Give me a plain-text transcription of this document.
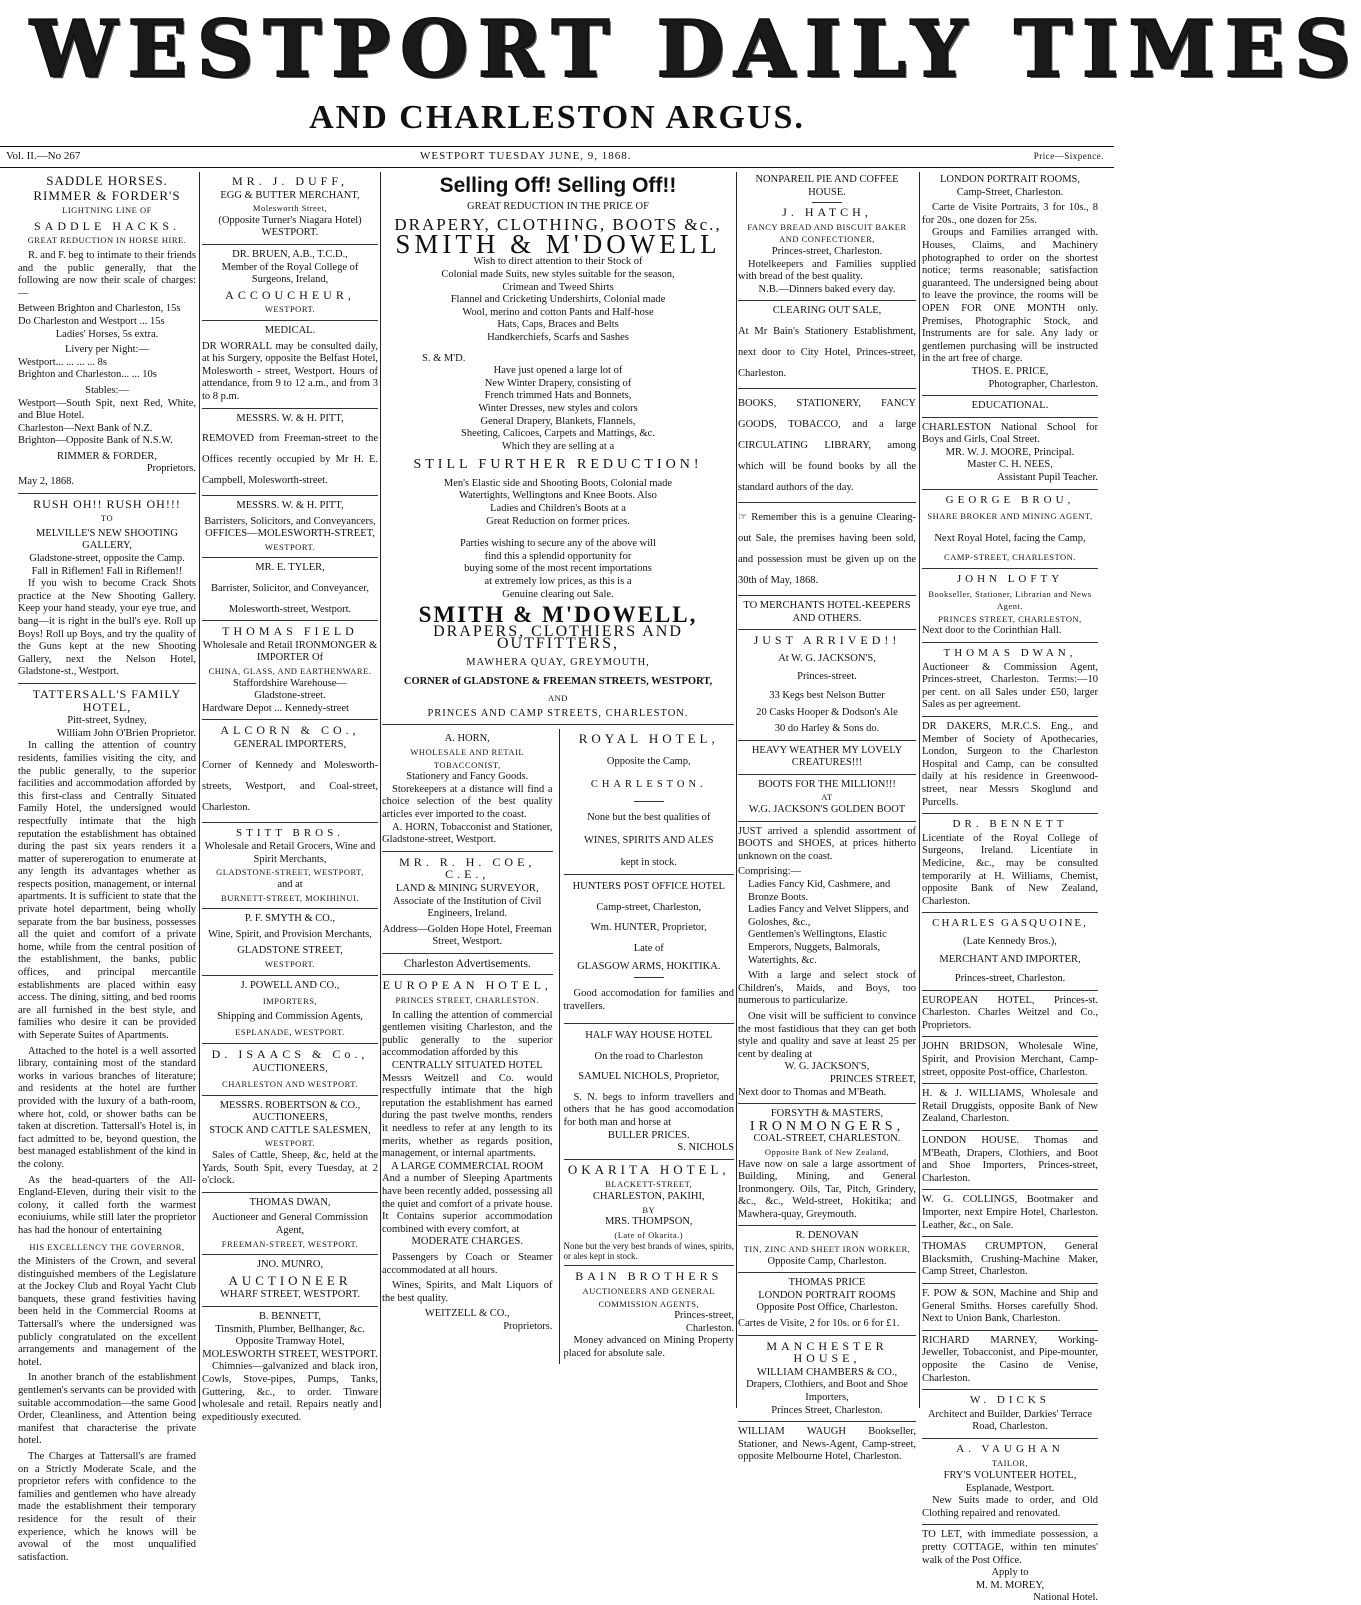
WESTPORT DAILY TIMES
AND CHARLESTON ARGUS.
Vol. II.—No 267	WESTPORT TUESDAY JUNE, 9, 1868.	Price—Sixpence.
SADDLE HORSES.
RIMMER & FORDER'S
LIGHTNING LINE OF
SADDLE HACKS.
GREAT REDUCTION IN HORSE HIRE.

R. and F. beg to intimate to their friends and the public generally, that the following are now their scale of charges:—

Between Brighton and Charleston, 15s

Do Charleston and Westport ... 15s

Ladies' Horses, 5s extra.

Livery per Night:—

Westport... ... ... ... 8s

Brighton and Charleston... ... 10s

Stables:—

Westport—South Spit, next Red, White, and Blue Hotel.

Charleston—Next Bank of N.Z.

Brighton—Opposite Bank of N.S.W.

RIMMER & FORDER,

Proprietors.

May 2, 1868.

RUSH OH!! RUSH OH!!!
TO
MELVILLE'S NEW SHOOTING GALLERY,

Gladstone-street, opposite the Camp.

Fall in Riflemen! Fall in Riflemen!!

If you wish to become Crack Shots practice at the New Shooting Gallery. Keep your hand steady, your eye true, and bang—it is right in the bull's eye. Roll up Boys! Roll up Boys, and try the quality of the Guns kept at the new Shooting Gallery, next the Nelson Hotel, Gladstone-st., Westport.

TATTERSALL'S FAMILY HOTEL,

Pitt-street, Sydney,

William John O'Brien Proprietor.

In calling the attention of country residents, families visiting the city, and the public generally, to the superior facilities and accommodation afforded by this first-class and Centrally Situated Family Hotel, the undersigned would respectfully intimate that the high reputation the establishment has obtained during the past six years renders it a matter of supererogation to enumerate at any length its advantages whether as respects position, management, or internal apartments. It is sufficient to state that the private hotel department, being wholly separate from the bar business, possesses all the quiet and comfort of a private home, while from the central position of the establishment, the banks, public offices, and principal mercantile establishments are placed within easy access. The dining, sitting, and bed rooms are all furnished in the best style, and families who desire it can be provided with Seperate Suites of Apartments.

Attached to the hotel is a well assorted library, containing most of the standard works in various branches of literature; and residents at the hotel are further provided with the luxury of a bath-room, where hot, cold, or shower baths can be taken at discretion. Tattersall's Hotel is, in fact admitted to be, beyond question, the best managed establishment of the kind in the colony.

As the head-quarters of the All-England-Eleven, during their visit to the colony, it called forth the warmest econiuiums, while still later the proprietor has had the honour of entertaining

HIS EXCELLENCY THE GOVERNOR,

the Ministers of the Crown, and several distinguished members of the Legislature at the Jockey Club and Royal Yacht Club banquets, these grand festivities having been held in the Commercial Rooms at Tattersall's where the undersigned was publicly congratulated on the excellent arrangements and management of the hotel.

In another branch of the establishment gentlemen's servants can be provided with suitable accommodation—the same Good Order, Cleanliness, and Attention being manifest that characterise the private hotel.

The Charges at Tattersall's are framed on a Strictly Moderate Scale, and the proprietor refers with confidence to the families and gentlemen who have already made the establishment their temporary residence for the result of their experience, which he knows will be avowal of the most unqualified satisfaction.

MR. J. DUFF,

EGG & BUTTER MERCHANT,

Molesworth Street,

(Opposite Turner's Niagara Hotel)

WESTPORT.

DR. BRUEN, A.B., T.C.D.,

Member of the Royal College of Surgeons, Ireland,

ACCOUCHEUR,
WESTPORT.

MEDICAL.

DR WORRALL may be consulted daily, at his Surgery, opposite the Belfast Hotel, Molesworth - street, Westport. Hours of attendance, from 9 to 12 a.m., and from 3 to 8 p.m.

MESSRS. W. & H. PITT,

REMOVED from Freeman-street to the Offices recently occupied by Mr H. E. Campbell, Molesworth-street.

MESSRS. W. & H. PITT,

Barristers, Solicitors, and Conveyancers,

OFFICES—MOLESWORTH-STREET,

WESTPORT.

MR. E. TYLER,

Barrister, Solicitor, and Conveyancer,

Molesworth-street, Westport.

THOMAS FIELD

Wholesale and Retail IRONMONGER & IMPORTER Of

CHINA, GLASS, AND EARTHENWARE.

Staffordshire Warehouse—

Gladstone-street.

Hardware Depot ... Kennedy-street

ALCORN & CO.,

GENERAL IMPORTERS,

Corner of Kennedy and Molesworth-streets, Westport, and Coal-street, Charleston.

STITT BROS.

Wholesale and Retail Grocers, Wine and Spirit Merchants,

GLADSTONE-STREET, WESTPORT,

and at

BURNETT-STREET, MOKIHINUI.

P. F. SMYTH & CO.,

Wine, Spirit, and Provision Merchants,

GLADSTONE STREET,

WESTPORT.

J. POWELL AND CO.,

IMPORTERS,

Shipping and Commission Agents,

ESPLANADE, WESTPORT.
D. ISAACS & Co.,

AUCTIONEERS,

CHARLESTON AND WESTPORT.

MESSRS. ROBERTSON & CO., AUCTIONEERS,

STOCK AND CATTLE SALESMEN,

WESTPORT.

Sales of Cattle, Sheep, &c, held at the Yards, South Spit, every Tuesday, at 2 o'clock.

THOMAS DWAN,

Auctioneer and General Commission Agent,

FREEMAN-STREET, WESTPORT.

JNO. MUNRO,

AUCTIONEER

WHARF STREET, WESTPORT.

B. BENNETT,

Tinsmith, Plumber, Bellhanger, &c.

Opposite Tramway Hotel,

MOLESWORTH STREET, WESTPORT.

Chimnies—galvanized and black iron, Cowls, Stove-pipes, Pumps, Tanks, Guttering, &c., to order. Tinware wholesale and retail. Repairs neatly and expeditiously executed.

Selling Off! Selling Off!!

GREAT REDUCTION IN THE PRICE OF

DRAPERY, CLOTHING, BOOTS &c.,
SMITH & M'DOWELL

Wish to direct attention to their Stock of

Colonial made Suits, new styles suitable for the season,

Crimean and Tweed Shirts

Flannel and Cricketing Undershirts, Colonial made

Wool, merino and cotton Pants and Half-hose

Hats, Caps, Braces and Belts

Handkerchiefs, Scarfs and Sashes

S. & M'D.

Have just opened a large lot of

New Winter Drapery, consisting of

French trimmed Hats and Bonnets,

Winter Dresses, new styles and colors

General Drapery, Blankets, Flannels,

Sheeting, Calicoes, Carpets and Mattings, &c.

Which they are selling at a

STILL FURTHER REDUCTION!

Men's Elastic side and Shooting Boots, Colonial made

Watertights, Wellingtons and Knee Boots. Also

Ladies and Children's Boots at a

Great Reduction on former prices.

Parties wishing to secure any of the above will

find this a splendid opportunity for

buying some of the most recent importations

at extremely low prices, as this is a

Genuine clearing out Sale.

SMITH & M'DOWELL,
DRAPERS, CLOTHIERS AND OUTFITTERS,

MAWHERA QUAY, GREYMOUTH,

CORNER of GLADSTONE & FREEMAN STREETS, WESTPORT,

AND

PRINCES AND CAMP STREETS, CHARLESTON.

A. HORN,

WHOLESALE AND RETAIL TOBACCONIST,

Stationery and Fancy Goods.

Storekeepers at a distance will find a choice selection of the best quality articles ever imported to the coast.

A. HORN, Tobacconist and Stationer, Gladstone-street, Westport.

MR. R. H. COE, C.E.,

LAND & MINING SURVEYOR,

Associate of the Institution of Civil Engineers, Ireland.

Address—Golden Hope Hotel, Freeman Street, Westport.

Charleston Advertisements.

EUROPEAN HOTEL,
PRINCES STREET, CHARLESTON.

In calling the attention of commercial gentlemen visiting Charleston, and the public generally to the superior accommodation afforded by this

CENTRALLY SITUATED HOTEL

Messrs Weitzell and Co. would respectfully intimate that the high reputation the establishment has earned during the past twelve months, renders it needless to refer at any length to its merits, whether as regards position, management, or internal apartments.

A LARGE COMMERCIAL ROOM

And a number of Sleeping Apartments have been recently added, possessing all the quiet and comfort of a private house. It Contains superior accommodation combined with every comfort, at

MODERATE CHARGES.

Passengers by Coach or Steamer accommodated at all hours.

Wines, Spirits, and Malt Liquors of the best quality.

WEITZELL & CO.,

Proprietors.

ROYAL HOTEL,

Opposite the Camp,

CHARLESTON.

None but the best qualities of

WINES, SPIRITS AND ALES

kept in stock.

HUNTERS POST OFFICE HOTEL

Camp-street, Charleston,

Wm. HUNTER, Proprietor,

Late of

GLASGOW ARMS, HOKITIKA.

Good accomodation for families and travellers.

HALF WAY HOUSE HOTEL

On the road to Charleston

SAMUEL NICHOLS, Proprietor,

S. N. begs to inform travellers and others that he has good accomodation for both man and horse at

BULLER PRICES.

S. NICHOLS

OKARITA HOTEL,
BLACKETT-STREET,

CHARLESTON, PAKIHI,

BY

MRS. THOMPSON,

(Late of Okarita.)

None but the very best brands of wines, spirits, or ales kept in stock.

BAIN BROTHERS
AUCTIONEERS AND GENERAL COMMISSION AGENTS,

Princes-street,

Charleston.

Money advanced on Mining Property placed for absolute sale.

NONPAREIL PIE AND COFFEE HOUSE.

J. HATCH,
FANCY BREAD AND BISCUIT BAKER AND CONFECTIONER,

Princes-street, Charleston.

Hotelkeepers and Families supplied with bread of the best quality.

N.B.—Dinners baked every day.

CLEARING OUT SALE,

At Mr Bain's Stationery Establishment, next door to City Hotel, Princes-street, Charleston.

BOOKS, STATIONERY, FANCY GOODS, TOBACCO, and a large CIRCULATING LIBRARY, among which will be found books by all the standard authors of the day.

☞ Remember this is a genuine Clearing-out Sale, the premises having been sold, and possession must be given up on the 30th of May, 1868.

TO MERCHANTS HOTEL-KEEPERS AND OTHERS.

JUST ARRIVED!!

At W. G. JACKSON'S,

Princes-street.

33 Kegs best Nelson Butter

20 Casks Hooper & Dodson's Ale

30 do Harley & Sons do.

HEAVY WEATHER MY LOVELY CREATURES!!!

BOOTS FOR THE MILLION!!!

AT

W.G. JACKSON'S GOLDEN BOOT

JUST arrived a splendid assortment of BOOTS and SHOES, at prices hitherto unknown on the coast.

Comprising:—

Ladies Fancy Kid, Cashmere, and Bronze Boots.

Ladies Fancy and Velvet Slippers, and Goloshes, &c.,

Gentlemen's Wellingtons, Elastic Emperors, Nuggets, Balmorals, Watertights, &c.

With a large and select stock of Children's, Maids, and Boys, too numerous to particularize.

One visit will be sufficient to convince the most fastidious that they can get both style and quality and save at least 25 per cent by dealing at

W. G. JACKSON'S,

PRINCES STREET,

Next door to Thomas and M'Beath.

FORSYTH & MASTERS,

IRONMONGERS,

COAL-STREET, CHARLESTON.

Opposite Bank of New Zealand,

Have now on sale a large assortment of Building, Mining, and General Ironmongery. Oils, Tar, Pitch, Grindery, &c., &c., Weld-street, Hokitika; and Mawhera-quay, Greymouth.

R. DENOVAN

TIN, ZINC AND SHEET IRON WORKER,

Opposite Camp, Charleston.

THOMAS PRICE

LONDON PORTRAIT ROOMS

Opposite Post Office, Charleston.

Cartes de Visite, 2 for 10s. or 6 for £1.

MANCHESTER HOUSE,

WILLIAM CHAMBERS & CO.,

Drapers, Clothiers, and Boot and Shoe Importers,

Princes Street, Charleston.

WILLIAM WAUGH Bookseller, Stationer, and News-Agent, Camp-street, opposite Melbourne Hotel, Charleston.

LONDON PORTRAIT ROOMS,

Camp-Street, Charleston.

Carte de Visite Portraits, 3 for 10s., 8 for 20s., one dozen for 25s.

Groups and Families arranged with. Houses, Claims, and Machinery photographed to order on the shortest notice; terms reasonable; satisfaction guaranteed. The undersigned being about to leave the province, the rooms will be OPEN FOR ONE MONTH only. Premises, Photographic Stock, and Instruments are for sale. Any lady or gentlemen purchasing will be instructed in the art free of charge.

THOS. E. PRICE,

Photographer, Charleston.

EDUCATIONAL.

CHARLESTON National School for Boys and Girls, Coal Street.

MR. W. J. MOORE, Principal.

Master C. H. NEES,

Assistant Pupil Teacher.

GEORGE BROU,
SHARE BROKER AND MINING AGENT,

Next Royal Hotel, facing the Camp,

CAMP-STREET, CHARLESTON.
JOHN LOFTY
Bookseller, Stationer, Librarian and News Agent.
PRINCES STREET, CHARLESTON,

Next door to the Corinthian Hall.

THOMAS DWAN,

Auctioneer & Commission Agent, Princes-street, Charleston. Terms:—10 per cent. on all Sales under £50, larger Sales as per agreement.

DR DAKERS, M.R.C.S. Eng., and Member of Society of Apothecaries, London, Surgeon to the Charleston Hospital and Camp, can be consulted daily at his residence in Greenwood-street, near Messrs Skoglund and Purcells.

DR. BENNETT

Licentiate of the Royal College of Surgeons, Ireland. Licentiate in Medicine, &c., may be consulted temporarily at H. Williams, Chemist, opposite Bank of New Zealand, Charleston.

CHARLES GASQUOINE,

(Late Kennedy Bros.),

MERCHANT AND IMPORTER,

Princes-street, Charleston.

EUROPEAN HOTEL, Princes-st. Charleston. Charles Weitzel and Co., Proprietors.

JOHN BRIDSON, Wholesale Wine, Spirit, and Provision Merchant, Camp-street, opposite Post-office, Charleston.

H. & J. WILLIAMS, Wholesale and Retail Druggists, opposite Bank of New Zealand, Charleston.

LONDON HOUSE. Thomas and M'Beath, Drapers, Clothiers, and Boot and Shoe Importers, Princes-street, Charleston.

W. G. COLLINGS, Bootmaker and Importer, next Empire Hotel, Charleston. Leather, &c., on Sale.

THOMAS CRUMPTON, General Blacksmith, Crushing-Machine Maker, Camp Street, Charleston.

F. POW & SON, Machine and Ship and General Smiths. Horses carefully Shod. Next to Union Bank, Charleston.

RICHARD MARNEY, Working-Jeweller, Tobacconist, and Pipe-mounter, opposite the Casino de Venise, Charleston.

W. DICKS

Architect and Builder, Darkies' Terrace Road, Charleston.

A. VAUGHAN
TAILOR,

FRY'S VOLUNTEER HOTEL,

Esplanade, Westport.

New Suits made to order, and Old Clothing repaired and renovated.

TO LET, with immediate possession, a pretty COTTAGE, within ten minutes' walk of the Post Office.

Apply to

M. M. MOREY,

National Hotel.
